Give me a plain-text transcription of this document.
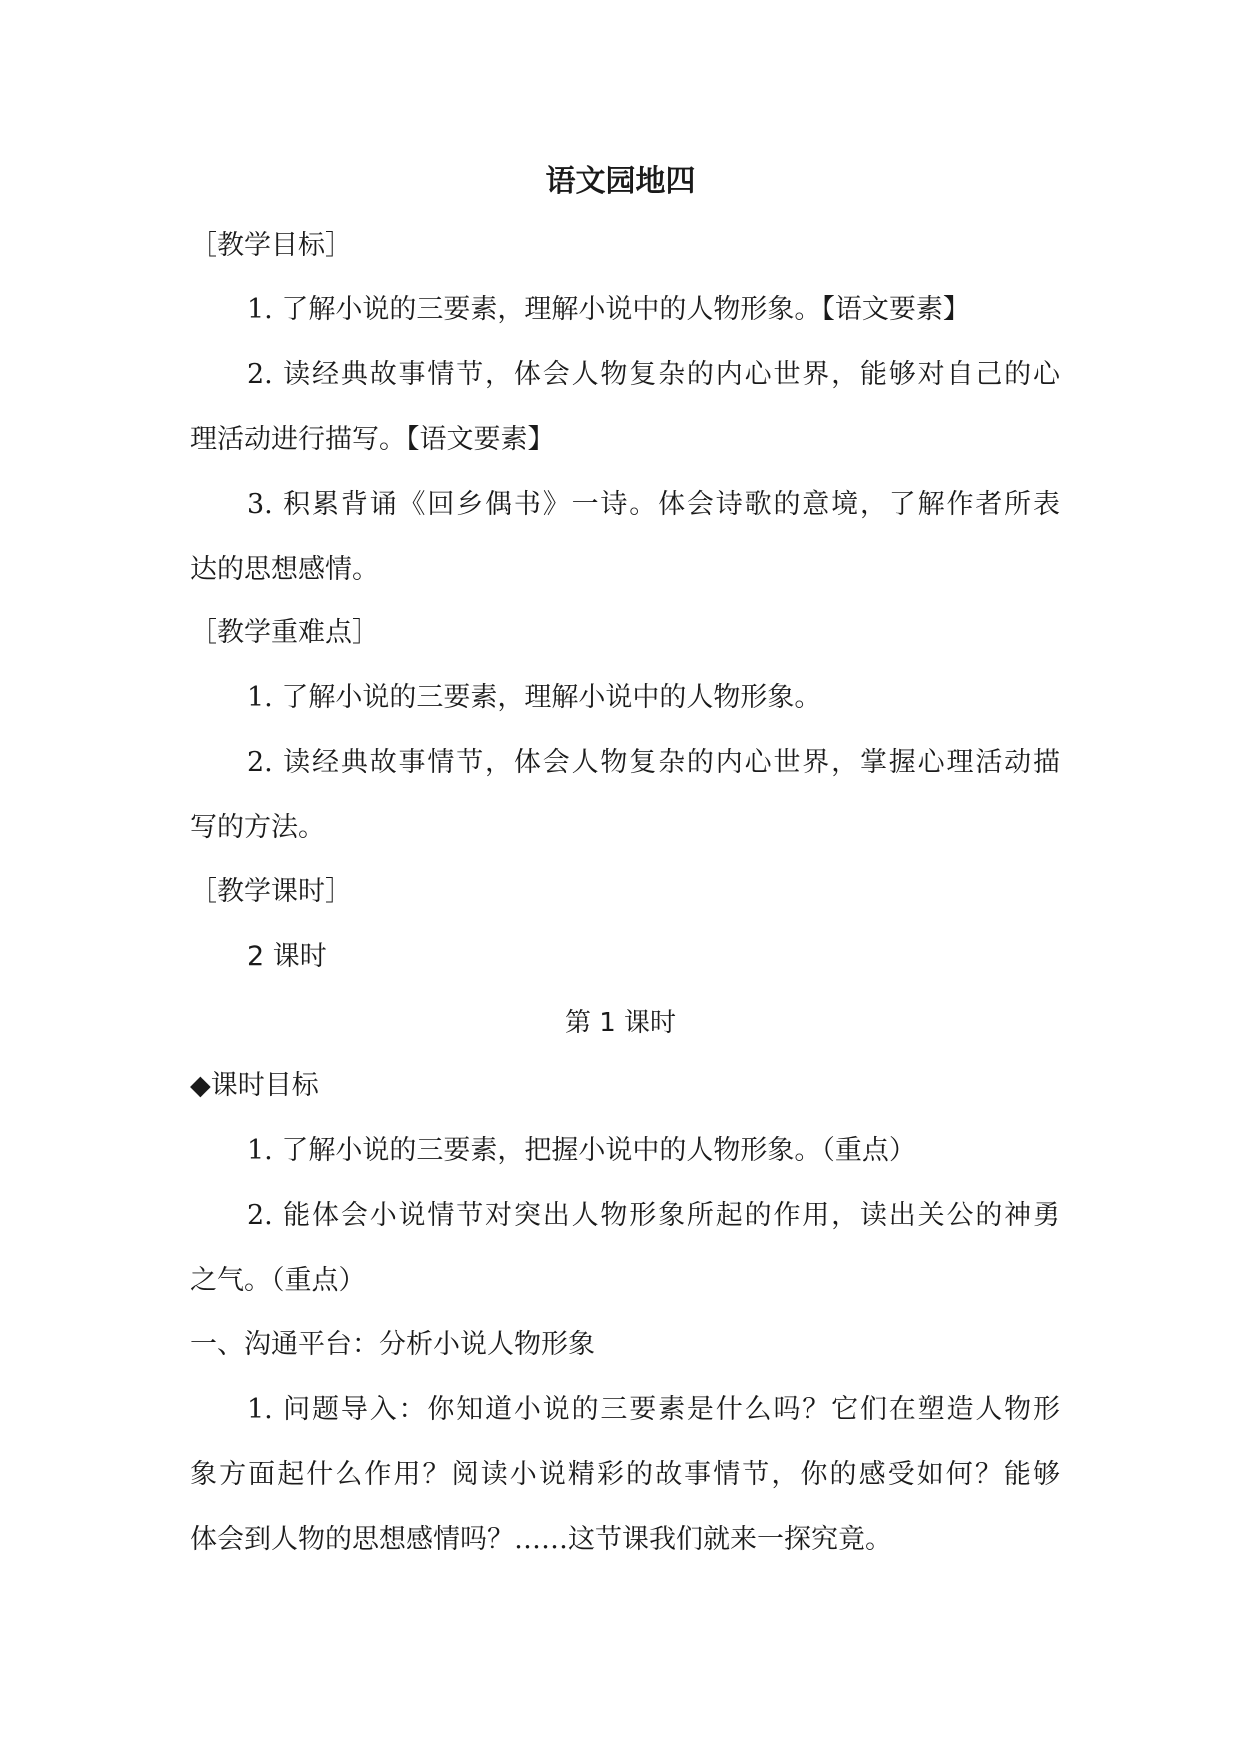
语文园地四
［教学目标］
1. 了解小说的三要素，理解小说中的人物形象。【语文要素】
2. 读经典故事情节，体会人物复杂的内心世界，能够对自己的心
理活动进行描写。【语文要素】
3. 积累背诵《回乡偶书》一诗。体会诗歌的意境，了解作者所表
达的思想感情。
［教学重难点］
1. 了解小说的三要素，理解小说中的人物形象。
2. 读经典故事情节，体会人物复杂的内心世界，掌握心理活动描
写的方法。
［教学课时］
2 课时
第 1 课时
◆课时目标
1. 了解小说的三要素，把握小说中的人物形象。（重点）
2. 能体会小说情节对突出人物形象所起的作用，读出关公的神勇
之气。（重点）
一、沟通平台：分析小说人物形象
1. 问题导入：你知道小说的三要素是什么吗？它们在塑造人物形
象方面起什么作用？阅读小说精彩的故事情节，你的感受如何？能够
体会到人物的思想感情吗？……这节课我们就来一探究竟。
